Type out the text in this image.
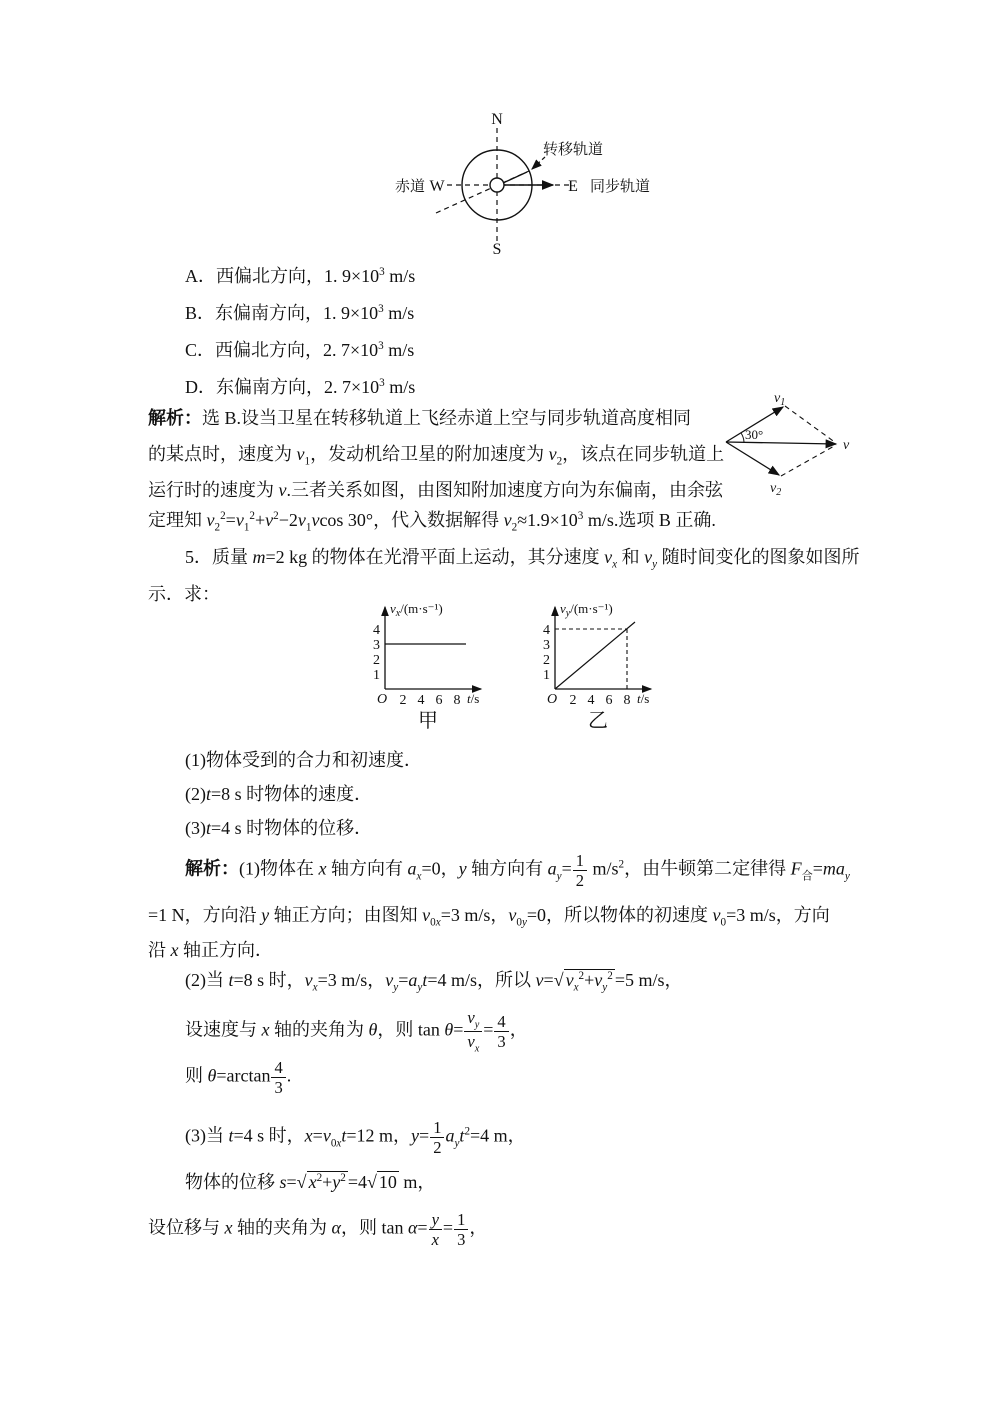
N
S
W	E
赤道
转移轨道
同步轨道
A．西偏北方向，1. $9\times 10^3$ m/s
B．东偏南方向，1. $9\times 10^3$ m/s
C．西偏北方向，2. $7\times 10^3$ m/s
D．东偏南方向，2. $7\times 10^3$ m/s
解析：选 B.设当卫星在转移轨道上飞经赤道上空与同步轨道高度相同
的某点时，速度为 $v_1$，发动机给卫星的附加速度为 $v_2$，该点在同步轨道上
运行时的速度为 v.三者关系如图，由图知附加速度方向为东偏南，由余弦
定理知 $v_2^2=v_1^2+v^2-2v_1vcos$ 30°，代入数据解得 $v_2\approx 1.9\times 10^3$ m/s.选项 B 正确.
$v_1$
v
$v_2$
30°
5．质量 m=2 kg 的物体在光滑平面上运动，其分速度 $v_x$ 和 $v_y$ 随时间变化的图象如图所
示．求：
4
3
2
1
2 4 6 8
O
$v_x/(m\cdot s^{-1})$
t/s
甲
4
3
2
1
2 4 6 8
O
$v_y/(m\cdot s^{-1})$
t/s
乙
(1)物体受到的合力和初速度．
(2)t=8 s 时物体的速度．
(3)t=4 s 时物体的位移．
解析：(1)物体在 x 轴方向有 $a_x=0$，y 轴方向有 $a_y= \frac{1}{2} m/s^2$，由牛顿第二定律得 $F_合=ma_y$
=1 N，方向沿 y 轴正方向；由图知 $v_{0x}=3$ m/s，$v_{0y}=0$，所以物体的初速度 $v_0=3$ m/s，方向
沿 x 轴正方向．
(2)当 t=8 s 时，$v_x=3$ m/s，$v_y=a_yt=4$ m/s，所以 v=√ $v_x^2+v_y^2 =5$ m/s，
设速度与 x 轴的夹角为 θ，则 $\tan \theta= \frac{v_y}{v_x} = \frac{4}{3}$ ，
则 $\theta=\arctan \frac{4}{3}$ .
(3)当 t=4 s 时，$x=v_{0x}t=12$ m，$y= \frac{1}{2} a_yt^2=4$ m，
物体的位移 s=√ $x^2+y^2 =4√$ 10 m，
设位移与 x 轴的夹角为 α，则 $\tan \alpha= \frac{y}{x} = \frac{1}{3}$ ，
